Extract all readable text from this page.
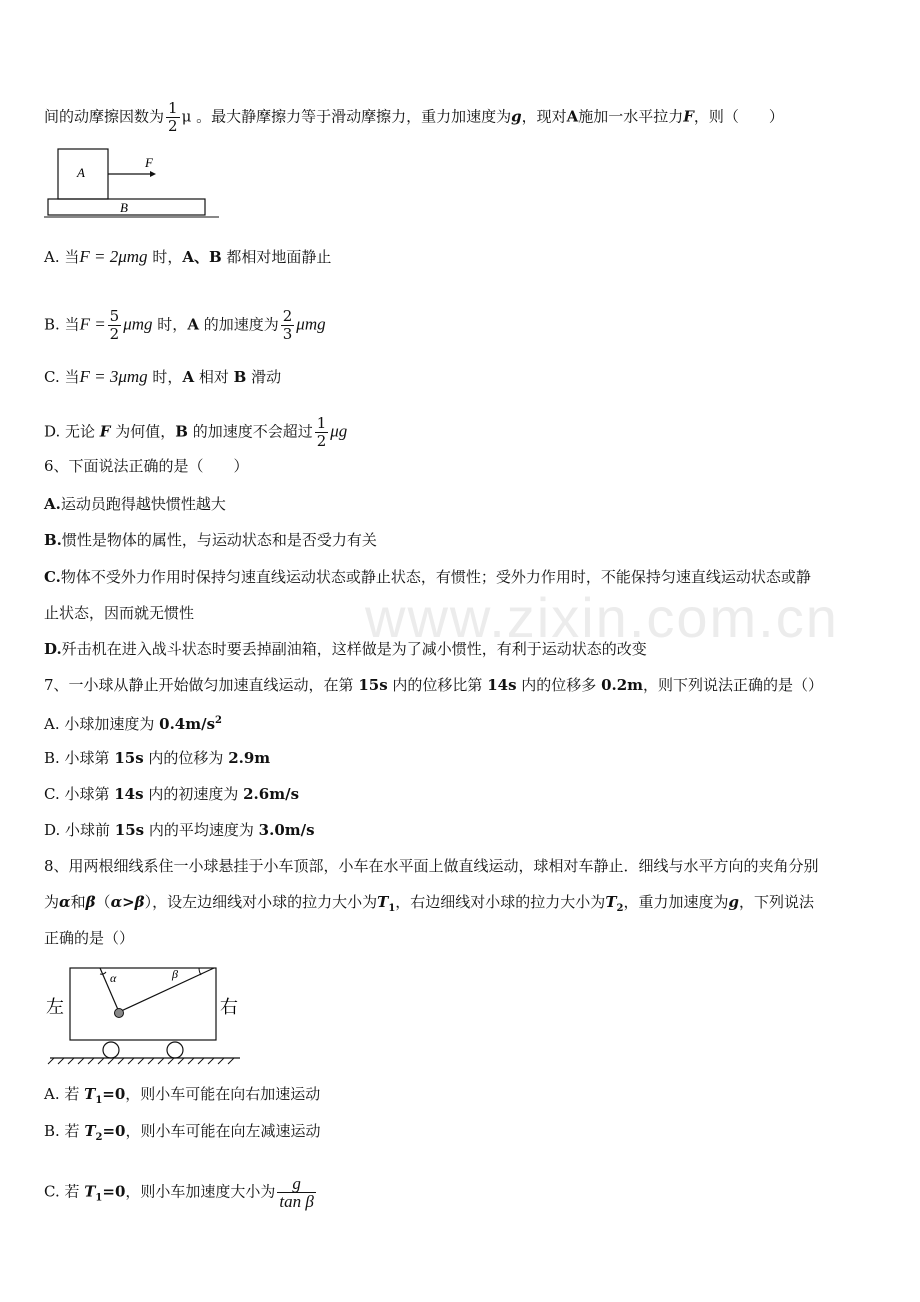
www.zixin.com.cn
间的动摩擦因数为 $\frac{1}{2}$ μ 。最大静摩擦力等于滑动摩擦力，重力加速度为g，现对A施加一水平拉力F，则（　　）
A
B
F
A. 当F = 2μmg 时，A、B 都相对地面静止
B. 当$F = \frac{5}{2}$ μmg 时，A 的加速度为 $\frac{2}{3}$ μmg
C. 当F = 3μmg 时，A 相对 B 滑动
D. 无论 F 为何值，B 的加速度不会超过 $\frac{1}{2}$ μg
6、下面说法正确的是（　　）
A.运动员跑得越快惯性越大
B.惯性是物体的属性，与运动状态和是否受力有关
C.物体不受外力作用时保持匀速直线运动状态或静止状态，有惯性；受外力作用时，不能保持匀速直线运动状态或静
止状态，因而就无惯性
D.歼击机在进入战斗状态时要丢掉副油箱，这样做是为了减小惯性，有利于运动状态的改变
7、一小球从静止开始做匀加速直线运动，在第 15s 内的位移比第 14s 内的位移多 0.2m，则下列说法正确的是（）
A. 小球加速度为 $0.4m/s^2$
B. 小球第 15s 内的位移为 2.9m
C. 小球第 14s 内的初速度为 2.6m/s
D. 小球前 15s 内的平均速度为 3.0m/s
8、用两根细线系住一小球悬挂于小车顶部，小车在水平面上做直线运动，球相对车静止．细线与水平方向的夹角分别
为α和β（α>β），设左边细线对小球的拉力大小为$T_1$，右边细线对小球的拉力大小为$T_2$，重力加速度为g，下列说法
正确的是（）
左	右
α	β
A. 若 $T_1=0$，则小车可能在向右加速运动
B. 若 $T_2=0$，则小车可能在向左减速运动
C. 若 $T_1=0$，则小车加速度大小为 $\frac{g}{\text{tan β}}$
